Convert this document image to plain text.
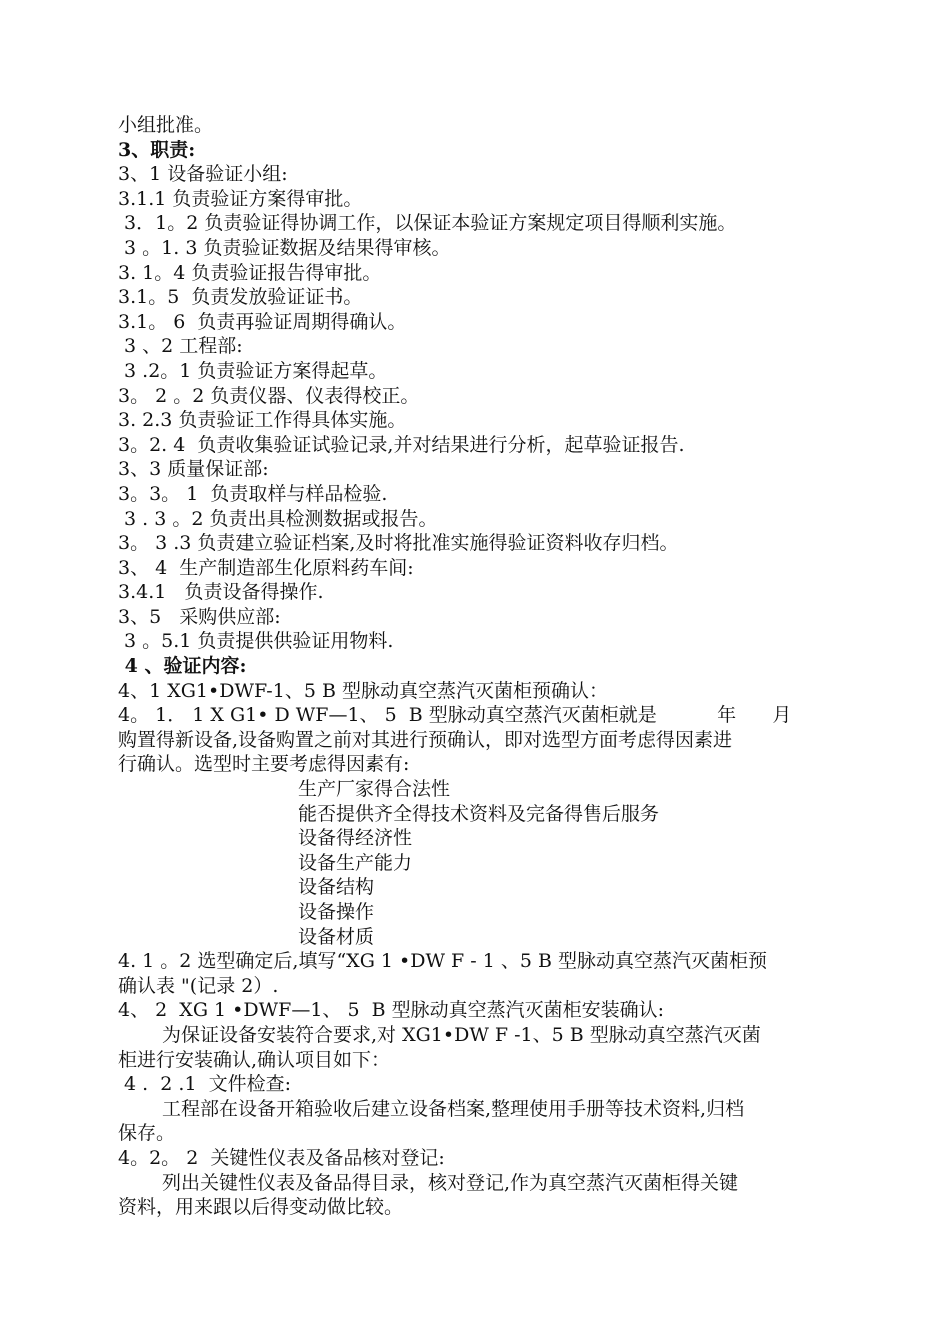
小组批准。
3、职责:
3、1 设备验证小组:
3.1.1 负责验证方案得审批。
3．1。2 负责验证得协调工作，以保证本验证方案规定项目得顺利实施。
3 。1. 3 负责验证数据及结果得审核。
3. 1。4 负责验证报告得审批。
3.1。5  负责发放验证证书。
3.1。 6  负责再验证周期得确认。
3 、2 工程部:
3 .2。1 负责验证方案得起草。
3。 2 。2 负责仪器、仪表得校正。
3. 2.3 负责验证工作得具体实施。
3。2. 4  负责收集验证试验记录,并对结果进行分析，起草验证报告.
3、3 质量保证部:
3。3。 1  负责取样与样品检验.
3 . 3 。2 负责出具检测数据或报告。
3。 3 .3 负责建立验证档案,及时将批准实施得验证资料收存归档。
3、 4  生产制造部生化原料药车间:
3.4.1   负责设备得操作.
3、5   采购供应部:
3 。5.1 负责提供供验证用物料.
4 、验证内容:
4、1 XG1•DWF-1、5 B 型脉动真空蒸汽灭菌柜预确认：
4。 1． 1 X G1• D WF—1、 5  B 型脉动真空蒸汽灭菌柜就是          年      月
购置得新设备,设备购置之前对其进行预确认，即对选型方面考虑得因素进
行确认。选型时主要考虑得因素有:
生产厂家得合法性
能否提供齐全得技术资料及完备得售后服务
设备得经济性
设备生产能力
设备结构
设备操作
设备材质
4. 1 。2 选型确定后,填写“XG 1 •DW F - 1 、5 B 型脉动真空蒸汽灭菌柜预
确认表 "(记录 2）.
4、 2  XG 1 •DWF—1、 5  B 型脉动真空蒸汽灭菌柜安装确认:
为保证设备安装符合要求,对 XG1•DW F -1、5 B 型脉动真空蒸汽灭菌
柜进行安装确认,确认项目如下：
4 .  2 .1  文件检查:
工程部在设备开箱验收后建立设备档案,整理使用手册等技术资料,归档
保存。
4。2。 2  关键性仪表及备品核对登记:
列出关键性仪表及备品得目录，核对登记,作为真空蒸汽灭菌柜得关键
资料，用来跟以后得变动做比较。
